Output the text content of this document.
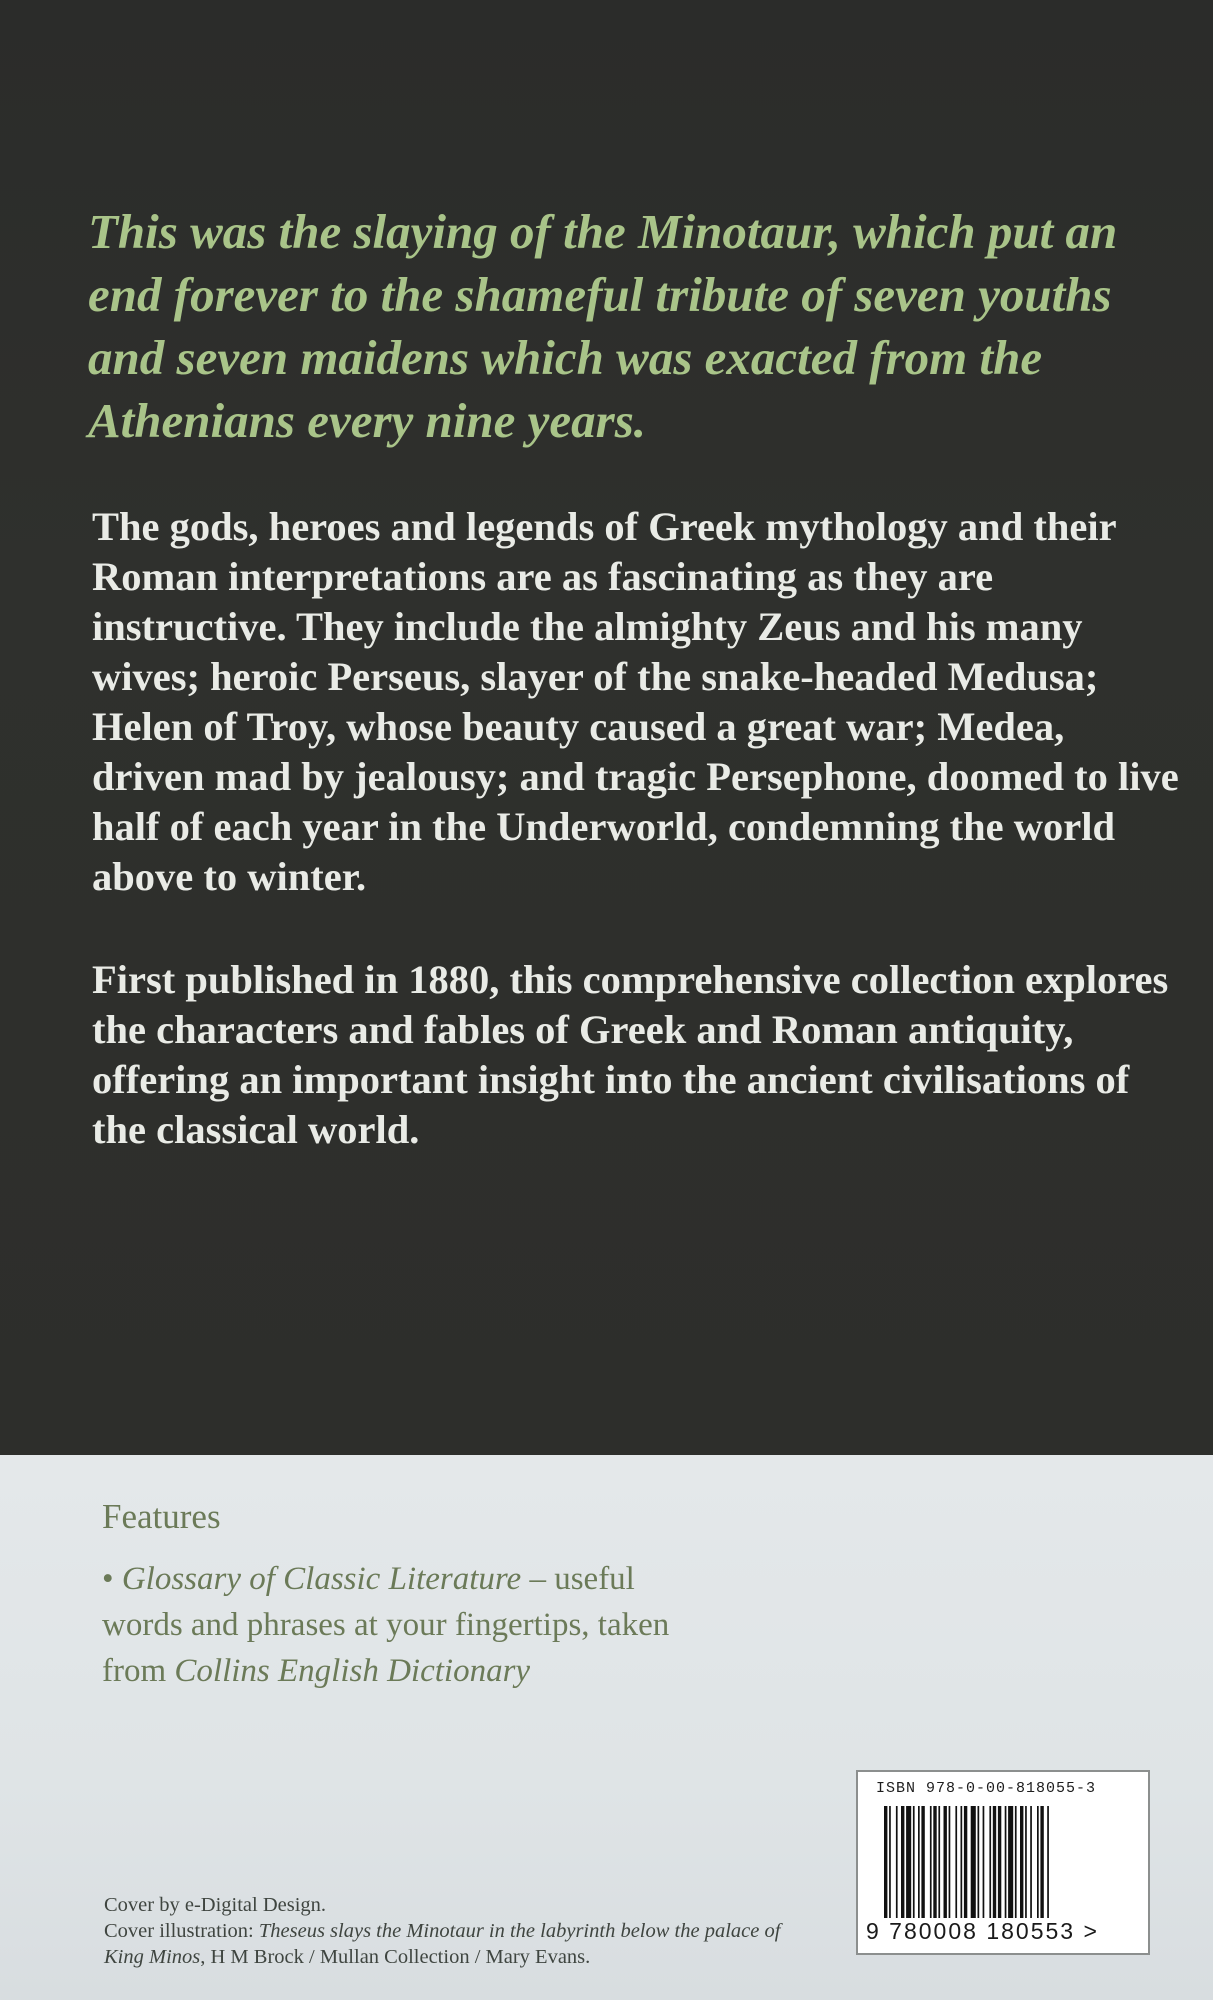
This was the slaying of the Minotaur, which put an end forever to the shameful tribute of seven youths and seven maidens which was exacted from the Athenians every nine years.

The gods, heroes and legends of Greek mythology and their Roman interpretations are as fascinating as they are instructive. They include the almighty Zeus and his many wives; heroic Perseus, slayer of the snake-headed Medusa; Helen of Troy, whose beauty caused a great war; Medea, driven mad by jealousy; and tragic Persephone, doomed to live half of each year in the Underworld, condemning the world above to winter.

First published in 1880, this comprehensive collection explores the characters and fables of Greek and Roman antiquity, offering an important insight into the ancient civilisations of the classical world.

Features

• Glossary of Classic Literature – useful words and phrases at your fingertips, taken from Collins English Dictionary

Cover by e-Digital Design.
Cover illustration: Theseus slays the Minotaur in the labyrinth below the palace of King Minos, H M Brock / Mullan Collection / Mary Evans.

ISBN 978-0-00-818055-3

9 780008 180553 >
